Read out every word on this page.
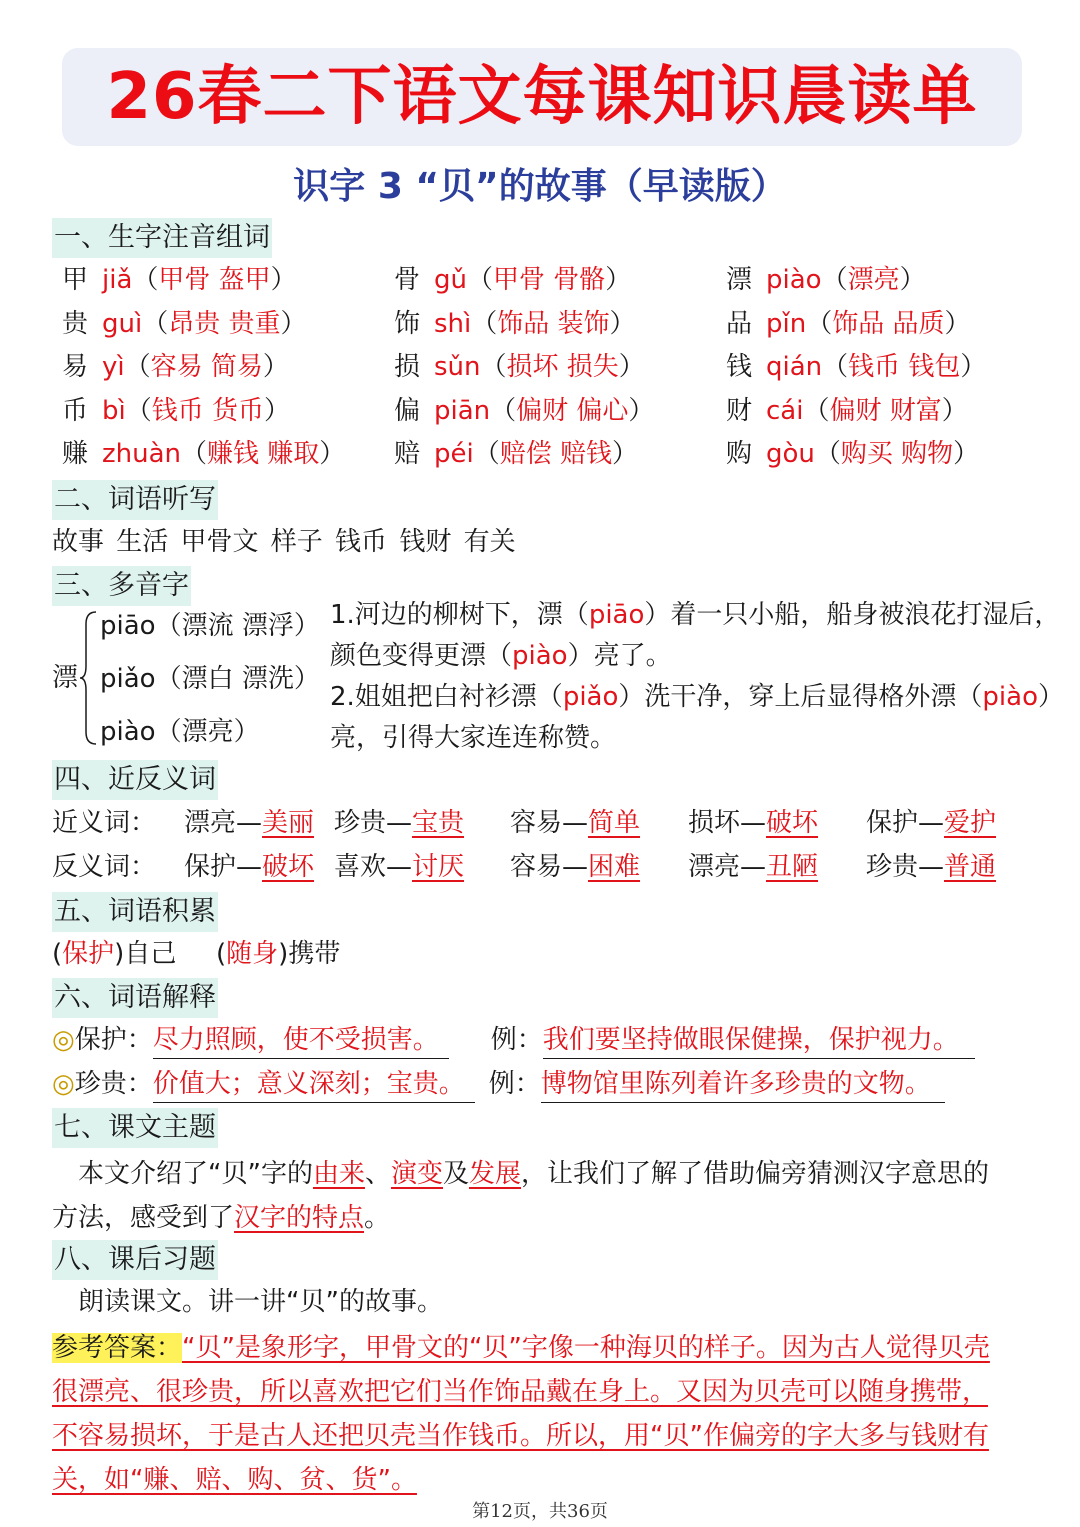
26春二下语文每课知识晨读单
识字 3 “贝”的故事（早读版）
一、生字注音组词
甲 jiǎ（甲骨 盔甲）	骨 gǔ（甲骨 骨骼）	漂 piào（漂亮）
贵 guì（昂贵 贵重）	饰 shì（饰品 装饰）	品 pǐn（饰品 品质）
易 yì（容易 简易）	损 sǔn（损坏 损失）	钱 qián（钱币 钱包）
币 bì（钱币 货币）	偏 piān（偏财 偏心）	财 cái（偏财 财富）
赚 zhuàn（赚钱 赚取） 赔 péi（赔偿 赔钱）	购 gòu（购买 购物）
二、词语听写
故事 生活 甲骨文 样子 钱币 钱财 有关
三、多音字
漂
piāo（漂流 漂浮）
piǎo（漂白 漂洗）
piào（漂亮）

1.河边的柳树下，漂（piāo）着一只小船，船身被浪花打湿后，

颜色变得更漂（piào）亮了。

2.姐姐把白衬衫漂（piǎo）洗干净，穿上后显得格外漂（piào）

亮，引得大家连连称赞。

四、近反义词
近义词： 漂亮—美丽 珍贵—宝贵 容易—简单 损坏—破坏 保护—爱护
反义词： 保护—破坏 喜欢—讨厌 容易—困难 漂亮—丑陋 珍贵—普通
五、词语积累
(保护)自己 (随身)携带
六、词语解释
◎保护：尽力照顾，使不受损害。 例：我们要坚持做眼保健操，保护视力。
◎珍贵：价值大；意义深刻；宝贵。 例：博物馆里陈列着许多珍贵的文物。
七、课文主题
本文介绍了“贝”字的由来、演变及发展，让我们了解了借助偏旁猜测汉字意思的
方法，感受到了汉字的特点。
八、课后习题
朗读课文。讲一讲“贝”的故事。
参考答案：“贝”是象形字，甲骨文的“贝”字像一种海贝的样子。因为古人觉得贝壳
很漂亮、很珍贵，所以喜欢把它们当作饰品戴在身上。又因为贝壳可以随身携带，
不容易损坏，于是古人还把贝壳当作钱币。所以，用“贝”作偏旁的字大多与钱财有
关，如“赚、赔、购、贫、货”。
第12页，共36页
